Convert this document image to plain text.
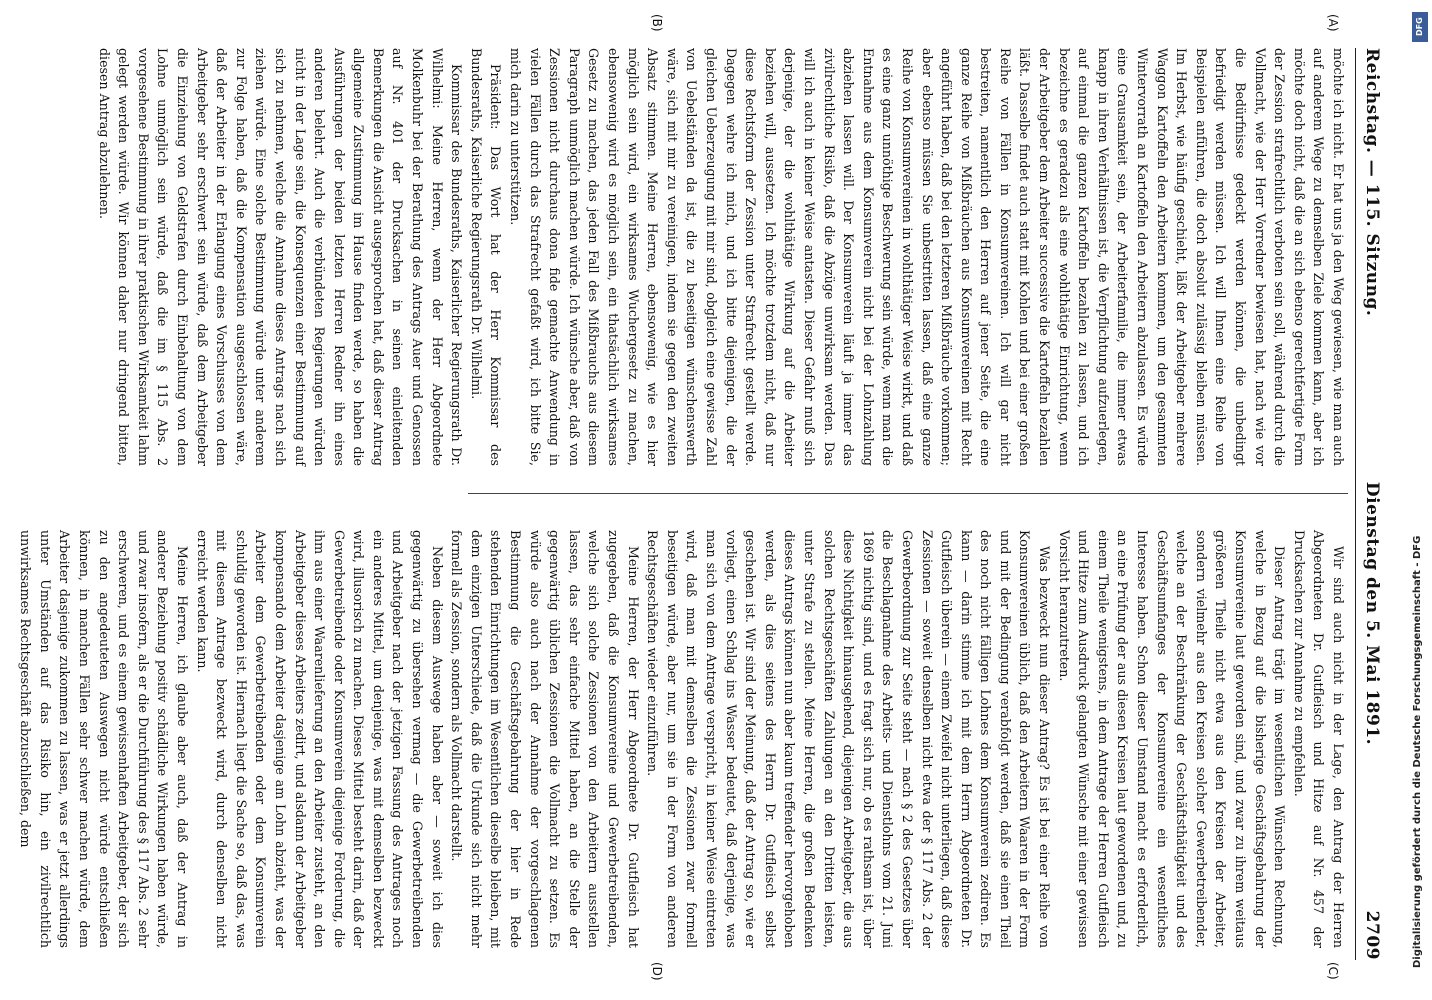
Reichstag. — 115. Sitzung.
Dienstag den 5. Mai 1891.
2709
(A)
(B)
(C)
(D)

möchte ich nicht. Er hat uns ja den Weg gewiesen, wie man auch auf anderem Wege zu demselben Ziele kommen kann, aber ich möchte doch nicht, daß die an sich ebenso gerechtfertigte Form der Zession strafrechtlich verboten sein soll, während durch die Vollmacht, wie der Herr Vorredner bewiesen hat, nach wie vor die Bedürfnisse gedeckt werden können, die unbedingt befriedigt werden müssen. Ich will Ihnen eine Reihe von Beispielen anführen, die doch absolut zulässig bleiben müssen. Im Herbst, wie häufig geschieht, läßt der Arbeitgeber mehrere Waggon Kartoffeln den Arbeitern kommen, um den gesammten Wintervorrath an Kartoffeln den Arbeitern abzulassen. Es würde eine Grausamkeit sein, der Arbeiterfamilie, die immer etwas knapp in ihren Verhältnissen ist, die Verpflichtung aufzuerlegen, auf einmal die ganzen Kartoffeln bezahlen zu lassen, und ich bezeichne es geradezu als eine wohlthätige Einrichtung, wenn der Arbeitgeber dem Arbeiter successive die Kartoffeln bezahlen läßt. Dasselbe findet auch statt mit Kohlen und bei einer großen Reihe von Fällen in Konsumvereinen. Ich will gar nicht bestreiten, namentlich den Herren auf jener Seite, die eine ganze Reihe von Mißbräuchen aus Konsumvereinen mit Recht angeführt haben, daß bei den letzteren Mißbräuche vorkommen; aber ebenso müssen Sie unbestritten lassen, daß eine ganze Reihe von Konsumvereinen in wohlthätiger Weise wirkt, und daß es eine ganz unnöthige Beschwerung sein würde, wenn man die Entnahme aus dem Konsumverein nicht bei der Lohnzahlung abziehen lassen will. Der Konsumverein läuft ja immer das zivilrechtliche Risiko, daß die Abzüge unwirksam werden. Das will ich auch in keiner Weise antasten. Dieser Gefahr muß sich derjenige, der die wohlthätige Wirkung auf die Arbeiter beziehen will, aussetzen. Ich möchte trotzdem nicht, daß nur diese Rechtsform der Zession unter Strafrecht gestellt werde. Dagegen wehre ich mich, und ich bitte diejenigen, die der gleichen Ueberzeugung mit mir sind, obgleich eine gewisse Zahl von Uebelständen da ist, die zu beseitigen wünschenswerth wäre, sich mit mir zu vereinigen, indem sie gegen den zweiten Absatz stimmen. Meine Herren, ebensowenig, wie es hier möglich sein wird, ein wirksames Wuchergesetz zu machen, ebensowenig wird es möglich sein, ein thatsächlich wirksames Gesetz zu machen, das jeden Fall des Mißbrauchs aus diesem Paragraph unmöglich machen würde. Ich wünsche aber, daß von Zessionen nicht durchaus dona fide gemachte Anwendung in vielen Fällen durch das Strafrecht gefaßt wird, ich bitte Sie, mich darin zu unterstützen.

Präsident: Das Wort hat der Herr Kommissar des Bundesraths, Kaiserliche Regierungsrath Dr. Wilhelmi.

Kommissar des Bundesraths, Kaiserlicher Regierungsrath Dr. Wilhelmi: Meine Herren, wenn der Herr Abgeordnete Molkenbuhr bei der Berathung des Antrags Auer und Genossen auf Nr. 401 der Drucksachen in seinen einleitenden Bemerkungen die Ansicht ausgesprochen hat, daß dieser Antrag allgemeine Zustimmung im Hause finden werde, so haben die Ausführungen der beiden letzten Herren Redner ihn eines anderen belehrt. Auch die verbündeten Regierungen würden nicht in der Lage sein, die Konsequenzen einer Bestimmung auf sich zu nehmen, welche die Annahme dieses Antrags nach sich ziehen würde. Eine solche Bestimmung würde unter anderem zur Folge haben, daß die Kompensation ausgeschlossen wäre, daß der Arbeiter in der Erlangung eines Vorschusses von dem Arbeitgeber sehr erschwert sein würde, daß dem Arbeitgeber die Einziehung von Geldstrafen durch Einbehaltung von dem Lohne unmöglich sein würde, daß die im § 115 Abs. 2 vorgesehene Bestimmung in ihrer praktischen Wirksamkeit lahm gelegt werden würde. Wir können daher nur dringend bitten, diesen Antrag abzulehnen.

Wir sind auch nicht in der Lage, den Antrag der Herren Abgeordneten Dr. Gutfleisch und Hitze auf Nr. 457 der Drucksachen zur Annahme zu empfehlen.

Dieser Antrag trägt im wesentlichen Wünschen Rechnung, welche in Bezug auf die bisherige Geschäftsgebahrung der Konsumvereine laut geworden sind, und zwar zu ihrem weitaus größeren Theile nicht etwa aus den Kreisen der Arbeiter, sondern vielmehr aus den Kreisen solcher Gewerbetreibender, welche an der Beschränkung der Geschäftsthätigkeit und des Geschäftsumfanges der Konsumvereine ein wesentliches Interesse haben. Schon dieser Umstand macht es erforderlich, an eine Prüfung der aus diesen Kreisen laut gewordenen und, zu einem Theile wenigstens, in dem Antrage der Herren Gutfleisch und Hitze zum Ausdruck gelangten Wünsche mit einer gewissen Vorsicht heranzutreten.

Was bezweckt nun dieser Antrag? Es ist bei einer Reihe von Konsumvereinen üblich, daß den Arbeitern Waaren in der Form und mit der Bedingung verabfolgt werden, daß sie einen Theil des noch nicht fälligen Lohnes dem Konsumverein zediren. Es kann — darin stimme ich mit dem Herrn Abgeordneten Dr. Gutfleisch überein — einem Zweifel nicht unterliegen, daß diese Zessionen — soweit denselben nicht etwa der § 117 Abs. 2 der Gewerbeordnung zur Seite steht — nach § 2 des Gesetzes über die Beschlagnahme des Arbeits- und Dienstlohns vom 21. Juni 1869 nichtig sind, und es fragt sich nur, ob es rathsam ist, über diese Nichtigkeit hinausgehend, diejenigen Arbeitgeber, die aus solchen Rechtsgeschäften Zahlungen an den Dritten leisten, unter Strafe zu stellen. Meine Herren, die großen Bedenken dieses Antrags können nun aber kaum treffender hervorgehoben werden, als dies seitens des Herrn Dr. Gutfleisch selbst geschehen ist. Wir sind der Meinung, daß der Antrag so, wie er vorliegt, einen Schlag ins Wasser bedeutet, daß derjenige, was man sich von dem Antrage verspricht, in keiner Weise eintreten wird, daß man mit demselben die Zessionen zwar formell beseitigen würde, aber nur, um sie in der Form von anderen Rechtsgeschäften wieder einzuführen.

Meine Herren, der Herr Abgeordnete Dr. Gutfleisch hat zugegeben, daß die Konsumvereine und Gewerbetreibenden, welche sich solche Zessionen von den Arbeitern ausstellen lassen, das sehr einfache Mittel haben, an die Stelle der gegenwärtig üblichen Zessionen die Vollmacht zu setzen. Es würde also auch nach der Annahme der vorgeschlagenen Bestimmung die Geschäftsgebahrung der hier in Rede stehenden Einrichtungen im Wesentlichen dieselbe bleiben, mit dem einzigen Unterschiede, daß die Urkunde sich nicht mehr formell als Zession, sondern als Vollmacht darstellt.

Neben diesem Auswege haben aber — soweit ich dies gegenwärtig zu übersehen vermag — die Gewerbetreibenden und Arbeitgeber nach der jetzigen Fassung des Antrages noch ein anderes Mittel, um denjenige, was mit demselben bezweckt wird, illusorisch zu machen. Dieses Mittel besteht darin, daß der Gewerbetreibende oder Konsumverein diejenige Forderung, die ihm aus einer Waarenlieferung an den Arbeiter zusteht, an den Arbeitgeber dieses Arbeiters zedirt, und alsdann der Arbeitgeber kompensando dem Arbeiter dasjenige am Lohn abzieht, was der Arbeiter dem Gewerbetreibenden oder dem Konsumverein schuldig geworden ist. Hiernach liegt die Sache so, daß das, was mit diesem Antrage bezweckt wird, durch denselben nicht erreicht werden kann.

Meine Herren, ich glaube aber auch, daß der Antrag in anderer Beziehung positiv schädliche Wirkungen haben würde, und zwar insofern, als er die Durchführung des § 117 Abs. 2 sehr erschweren, und es einem gewissenhaften Arbeitgeber, der sich zu den angedeuteten Auswegen nicht würde entschließen können, in manchen Fällen sehr schwer machen würde, dem Arbeiter dasjenige zukommen zu lassen, was er jetzt allerdings unter Umständen auf das Risiko hin, ein zivilrechtlich unwirksames Rechtsgeschäft abzuschließen, dem

DFG
Digitalisierung gefördert durch die Deutsche Forschungsgemeinschaft - DFG
